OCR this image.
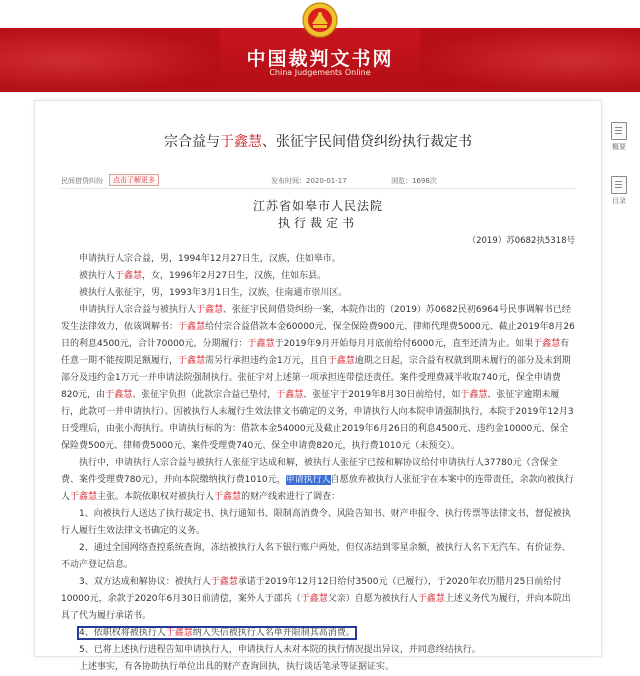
中国裁判文书网
China Judgements Online
宗合益与于鑫慧、张征宇民间借贷纠纷执行裁定书
民间借贷纠纷	点击了解更多	发布时间：2020-01-17	浏览：1698次
江苏省如皋市人民法院
执行裁定书
（2019）苏0682执5318号

申请执行人宗合益，男，1994年12月27日生，汉族，住如皋市。

被执行人于鑫慧，女，1996年2月27日生，汉族，住如东县。

被执行人张征宇，男，1993年3月1日生，汉族，住南通市崇川区。

申请执行人宗合益与被执行人于鑫慧、张征宇民间借贷纠纷一案，本院作出的（2019）苏0682民初6964号民事调解书已经发生法律效力，依该调解书：于鑫慧给付宗合益借款本金60000元、保全保险费900元、律师代理费5000元、截止2019年8月26日的利息4500元，合计70000元，分期履行：于鑫慧于2019年9月开始每月月底前给付6000元，直至还清为止。如果于鑫慧有任意一期不能按期足额履行，于鑫慧需另行承担违约金1万元，且自于鑫慧逾期之日起，宗合益有权就到期未履行的部分及未到期部分及违约金1万元一并申请法院强制执行。张征宇对上述第一项承担连带偿还责任。案件受理费减半收取740元，保全申请费820元，由于鑫慧、张征宇负担（此款宗合益已垫付，于鑫慧、张征宇于2019年8月30日前给付，如于鑫慧、张征宇逾期未履行，此款可一并申请执行）。因被执行人未履行生效法律文书确定的义务，申请执行人向本院申请强制执行，本院于2019年12月3日受理后，由张小海执行。申请执行标的为：借款本金54000元及截止2019年6月26日的利息4500元、违约金10000元、保全保险费500元、律师费5000元、案件受理费740元、保全申请费820元，执行费1010元（未预交）。

执行中，申请执行人宗合益与被执行人张征宇达成和解，被执行人张征宇已按和解协议给付申请执行人37780元（含保全费、案件受理费780元），并向本院缴纳执行费1010元，申请执行人自愿放弃被执行人张征宇在本案中的连带责任，余款向被执行人于鑫慧主张。本院依职权对被执行人于鑫慧的财产线索进行了调查：

1、向被执行人送达了执行裁定书、执行通知书、限制高消费令、风险告知书、财产申报令、执行传票等法律文书，督促被执行人履行生效法律文书确定的义务。

2、通过全国网络查控系统查询，冻结被执行人名下银行账户两处，但仅冻结到零星余额，被执行人名下无汽车、有价证券、不动产登记信息。

3、双方达成和解协议：被执行人于鑫慧承诺于2019年12月12日给付3500元（已履行），于2020年农历腊月25日前给付10000元，余款于2020年6月30日前清偿，案外人于邵兵（于鑫慧父亲）自愿为被执行人于鑫慧上述义务代为履行，并向本院出具了代为履行承诺书。

4、依职权将被执行人于鑫慧纳入失信被执行人名单并限制其高消费。

5、已将上述执行进程告知申请执行人，申请执行人未对本院的执行情况提出异议，并同意终结执行。

上述事实，有各协助执行单位出具的财产查询回执，执行谈话笔录等证据证实。

概要
目录
